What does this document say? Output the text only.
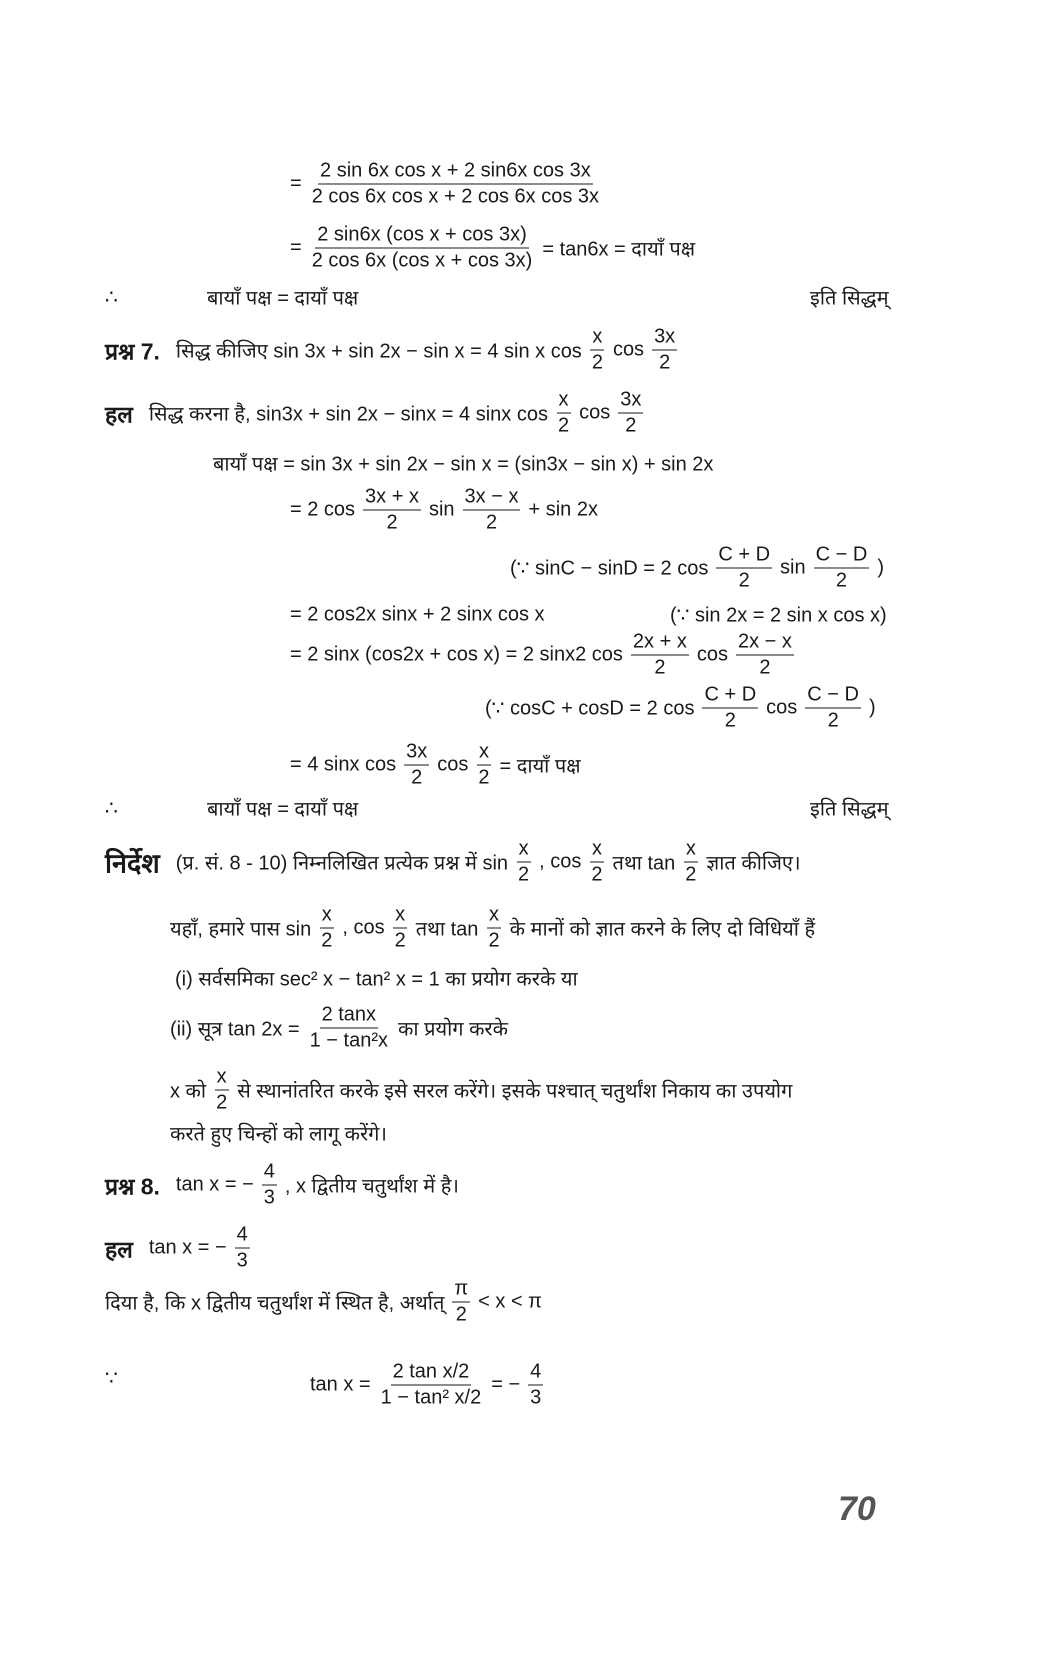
= $\frac{\text{2 sin 6x cos x + 2 sin6x cos 3x}}{\text{2 cos 6x cos x + 2 cos 6x cos 3x}}$
= $\frac{\text{2 sin6x (cos x + cos 3x)}}{\text{2 cos 6x (cos x + cos 3x)}} = \tan 6x$ = दायाँ पक्ष
∴	बायाँ पक्ष = दायाँ पक्ष	इति सिद्धम्
प्रश्न 7. सिद्ध कीजिए sin 3x + sin 2x − sin x = 4 sin x $\cos \frac{x}{2}$ $\cos \frac{3x}{2}$
हल सिद्ध करना है, sin3x + sin 2x − sinx = 4 sinx $\cos \frac{x}{2}$ $\cos \frac{3x}{2}$
बायाँ पक्ष = sin 3x + sin 2x − sin x = (sin3x − sin x) + sin 2x
= 2 $\cos \frac{3x + x}{2}$ $\sin \frac{3x - x}{2} + \sin 2x$
(∵ sinC − sinD = 2 $\cos \frac{C + D}{2}$ $\sin \frac{C - D}{2}$ )
= 2 cos2x sinx + 2 sinx cos x	(∵ sin 2x = 2 sin x cos x)
= 2 sinx (cos2x + cos x) = 2 sinx2 $\cos \frac{2x + x}{2}$ $\cos \frac{2x - x}{2}$
(∵ cosC + cosD = 2 $\cos \frac{C + D}{2}$ $\cos \frac{C - D}{2}$ )
= 4 sinx $\cos \frac{3x}{2}$ $\cos \frac{x}{2}$ = दायाँ पक्ष
∴	बायाँ पक्ष = दायाँ पक्ष	इति सिद्धम्
निर्देश (प्र. सं. 8 - 10) निम्नलिखित प्रत्येक प्रश्न में $\sin \frac{x}{2}$ , $\cos \frac{x}{2}$ तथा $\tan \frac{x}{2}$ ज्ञात कीजिए।
यहाँ, हमारे पास $\sin \frac{x}{2}$ , $\cos \frac{x}{2}$ तथा $\tan \frac{x}{2}$ के मानों को ज्ञात करने के लिए दो विधियाँ हैं
(i) सर्वसमिका sec² x − tan² x = 1 का प्रयोग करके या
(ii) सूत्र $\tan 2x = \frac{2 \tan x}{\text{1 − tan²x}}$ का प्रयोग करके
x को $\frac{x}{2}$ से स्थानांतरित करके इसे सरल करेंगे। इसके पश्चात् चतुर्थांश निकाय का उपयोग
करते हुए चिन्हों को लागू करेंगे।
प्रश्न 8. tan x = − $\frac{4}{3}$ , x द्वितीय चतुर्थांश में है।
हल tan x = − $\frac{4}{3}$
दिया है, कि x द्वितीय चतुर्थांश में स्थित है, अर्थात् $\frac{\pi}{2} < x < \pi$
∵	$\tan x = \frac{\text{2 tan x/2}}{\text{1 − tan² x/2}}$ = − $\frac{4}{3}$
70
